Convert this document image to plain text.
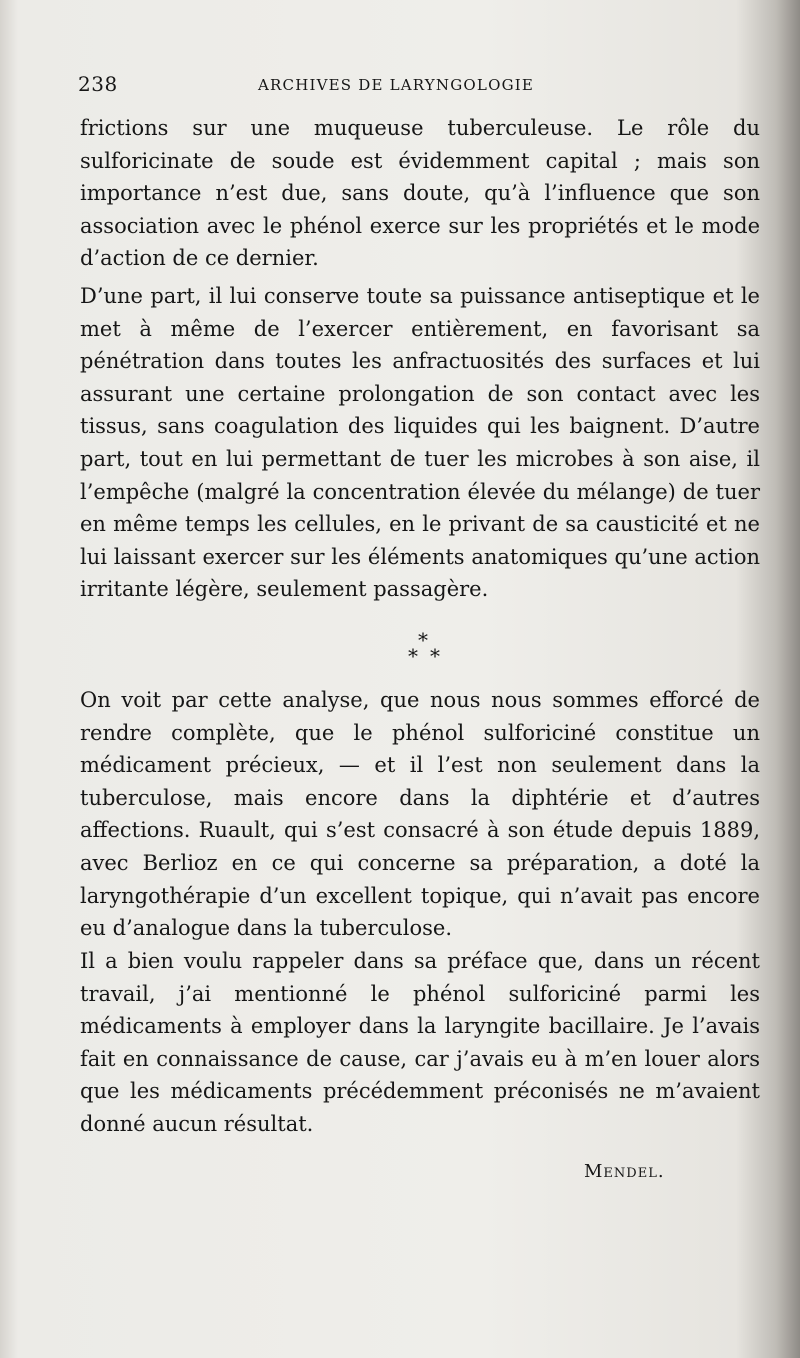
238	ARCHIVES DE LARYNGOLOGIE

frictions sur une muqueuse tuberculeuse. Le rôle du sulforicinate de soude est évidemment capital ; mais son importance n’est due, sans doute, qu’à l’influence que son association avec le phénol exerce sur les propriétés et le mode d’action de ce dernier.

D’une part, il lui conserve toute sa puissance antiseptique et le met à même de l’exercer entièrement, en favorisant sa pénétration dans toutes les anfractuosités des surfaces et lui assurant une certaine prolongation de son contact avec les tissus, sans coagulation des liquides qui les baignent. D’autre part, tout en lui permettant de tuer les microbes à son aise, il l’empêche (malgré la concentration élevée du mélange) de tuer en même temps les cellules, en le privant de sa causticité et ne lui laissant exercer sur les éléments anatomiques qu’une action irritante légère, seulement passagère.

*
* *

On voit par cette analyse, que nous nous sommes efforcé de rendre complète, que le phénol sulforiciné constitue un médicament précieux, — et il l’est non seulement dans la tuberculose, mais encore dans la diphtérie et d’autres affections. Ruault, qui s’est consacré à son étude depuis 1889, avec Berlioz en ce qui concerne sa préparation, a doté la laryngothérapie d’un excellent topique, qui n’avait pas encore eu d’analogue dans la tuberculose.

Il a bien voulu rappeler dans sa préface que, dans un récent travail, j’ai mentionné le phénol sulforiciné parmi les médicaments à employer dans la laryngite bacillaire. Je l’avais fait en connaissance de cause, car j’avais eu à m’en louer alors que les médicaments précédemment préconisés ne m’avaient donné aucun résultat.

Mendel.
